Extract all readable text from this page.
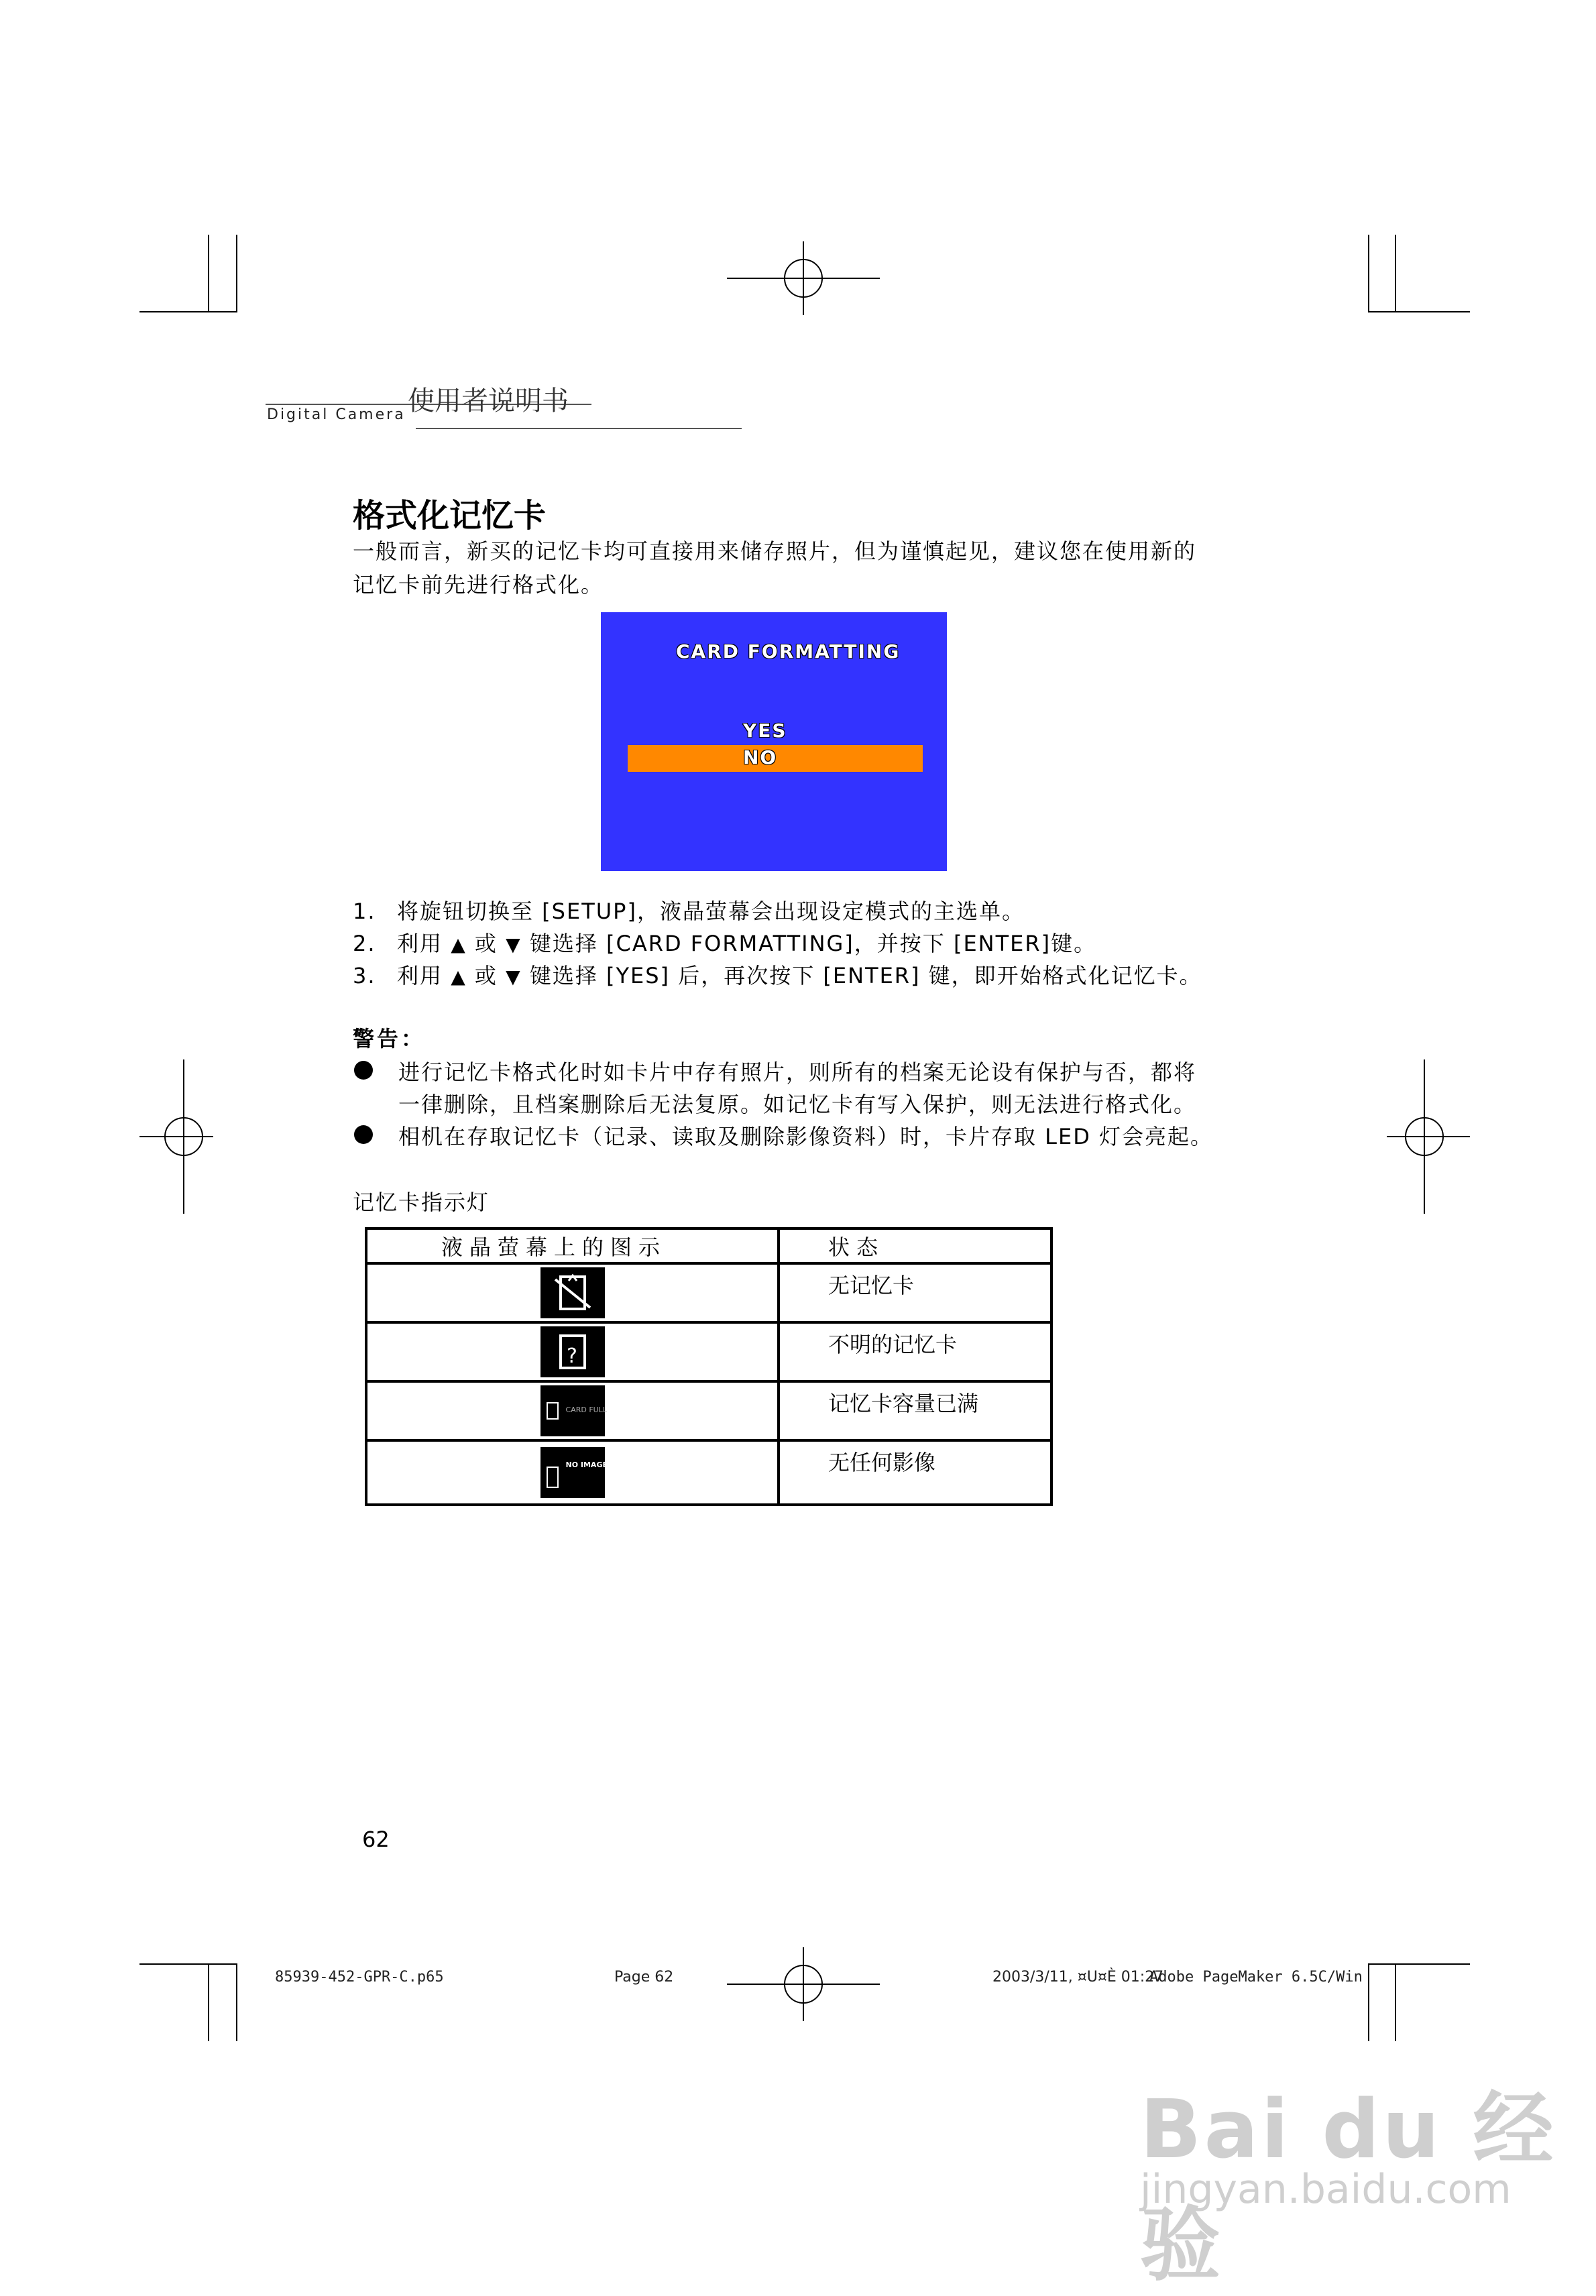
Digital Camera 使用者说明书
格式化记忆卡
一般而言，新买的记忆卡均可直接用来储存照片，但为谨慎起见，建议您在使用新的
记忆卡前先进行格式化。
CARD FORMATTING
YES
NO
1. 将旋钮切换至 [SETUP]，液晶萤幕会出现设定模式的主选单。
2. 利用 ▲ 或 ▼ 键选择 [CARD FORMATTING]，并按下 [ENTER]键。
3. 利用 ▲ 或 ▼ 键选择 [YES] 后，再次按下 [ENTER] 键，即开始格式化记忆卡。
警告：
进行记忆卡格式化时如卡片中存有照片，则所有的档案无论设有保护与否，都将
一律删除，且档案删除后无法复原。如记忆卡有写入保护，则无法进行格式化。
相机在存取记忆卡（记录、读取及删除影像资料）时，卡片存取 LED 灯会亮起。
记忆卡指示灯
液晶萤幕上的图示	状态

	无记忆卡

?	不明的记忆卡

CARD FULL	记忆卡容量已满

NO IMAGE	无任何影像
62
85939-452-GPR-C.p65	Page 62	2003/3/11, ¤U¤È 01:27
Adobe PageMaker 6.5C/Win
Bai du 经验
jingyan.baidu.com
